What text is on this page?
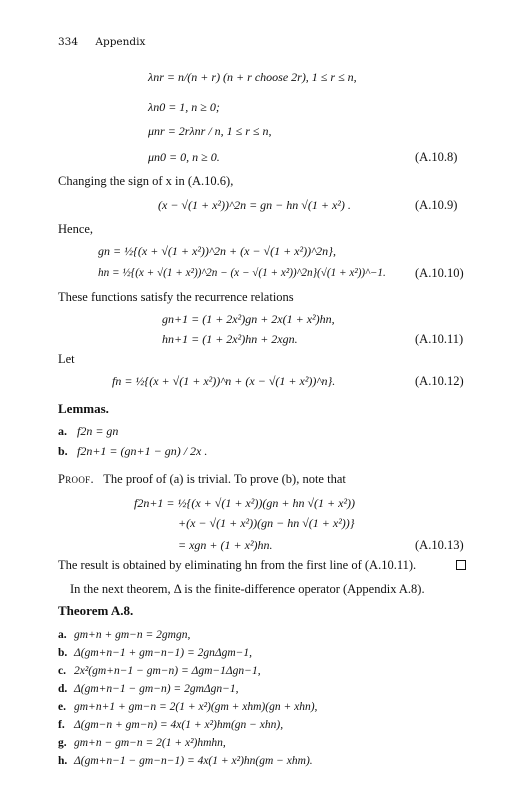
334 Appendix
λnr = n/(n + r) (n + r choose 2r), 1 ≤ r ≤ n,
λn0 = 1, n ≥ 0;
μnr = 2rλnr / n, 1 ≤ r ≤ n,
μn0 = 0, n ≥ 0.	(A.10.8)
Changing the sign of x in (A.10.6),
(x − √(1 + x²))^2n = gn − hn √(1 + x²) .	(A.10.9)
Hence,
gn = ½{(x + √(1 + x²))^2n + (x − √(1 + x²))^2n},
hn = ½{(x + √(1 + x²))^2n − (x − √(1 + x²))^2n}(√(1 + x²))^−1. (A.10.10)
These functions satisfy the recurrence relations
gn+1 = (1 + 2x²)gn + 2x(1 + x²)hn,
hn+1 = (1 + 2x²)hn + 2xgn.	(A.10.11)
Let
fn = ½{(x + √(1 + x²))^n + (x − √(1 + x²))^n}.	(A.10.12)
Lemmas.
a. f2n = gn
b. f2n+1 = (gn+1 − gn) / 2x .
Proof. The proof of (a) is trivial. To prove (b), note that
f2n+1 = ½{(x + √(1 + x²))(gn + hn √(1 + x²))
+(x − √(1 + x²))(gn − hn √(1 + x²))}
= xgn + (1 + x²)hn.	(A.10.13)
The result is obtained by eliminating hn from the first line of (A.10.11).
In the next theorem, Δ is the finite-difference operator (Appendix A.8).
Theorem A.8.
a. gm+n + gm−n = 2gmgn,
b. Δ(gm+n−1 + gm−n−1) = 2gnΔgm−1,
c. 2x²(gm+n−1 − gm−n) = Δgm−1Δgn−1,
d. Δ(gm+n−1 − gm−n) = 2gmΔgn−1,
e. gm+n+1 + gm−n = 2(1 + x²)(gm + xhm)(gn + xhn),
f. Δ(gm−n + gm−n) = 4x(1 + x²)hm(gn − xhn),
g. gm+n − gm−n = 2(1 + x²)hmhn,
h. Δ(gm+n−1 − gm−n−1) = 4x(1 + x²)hn(gm − xhm).
